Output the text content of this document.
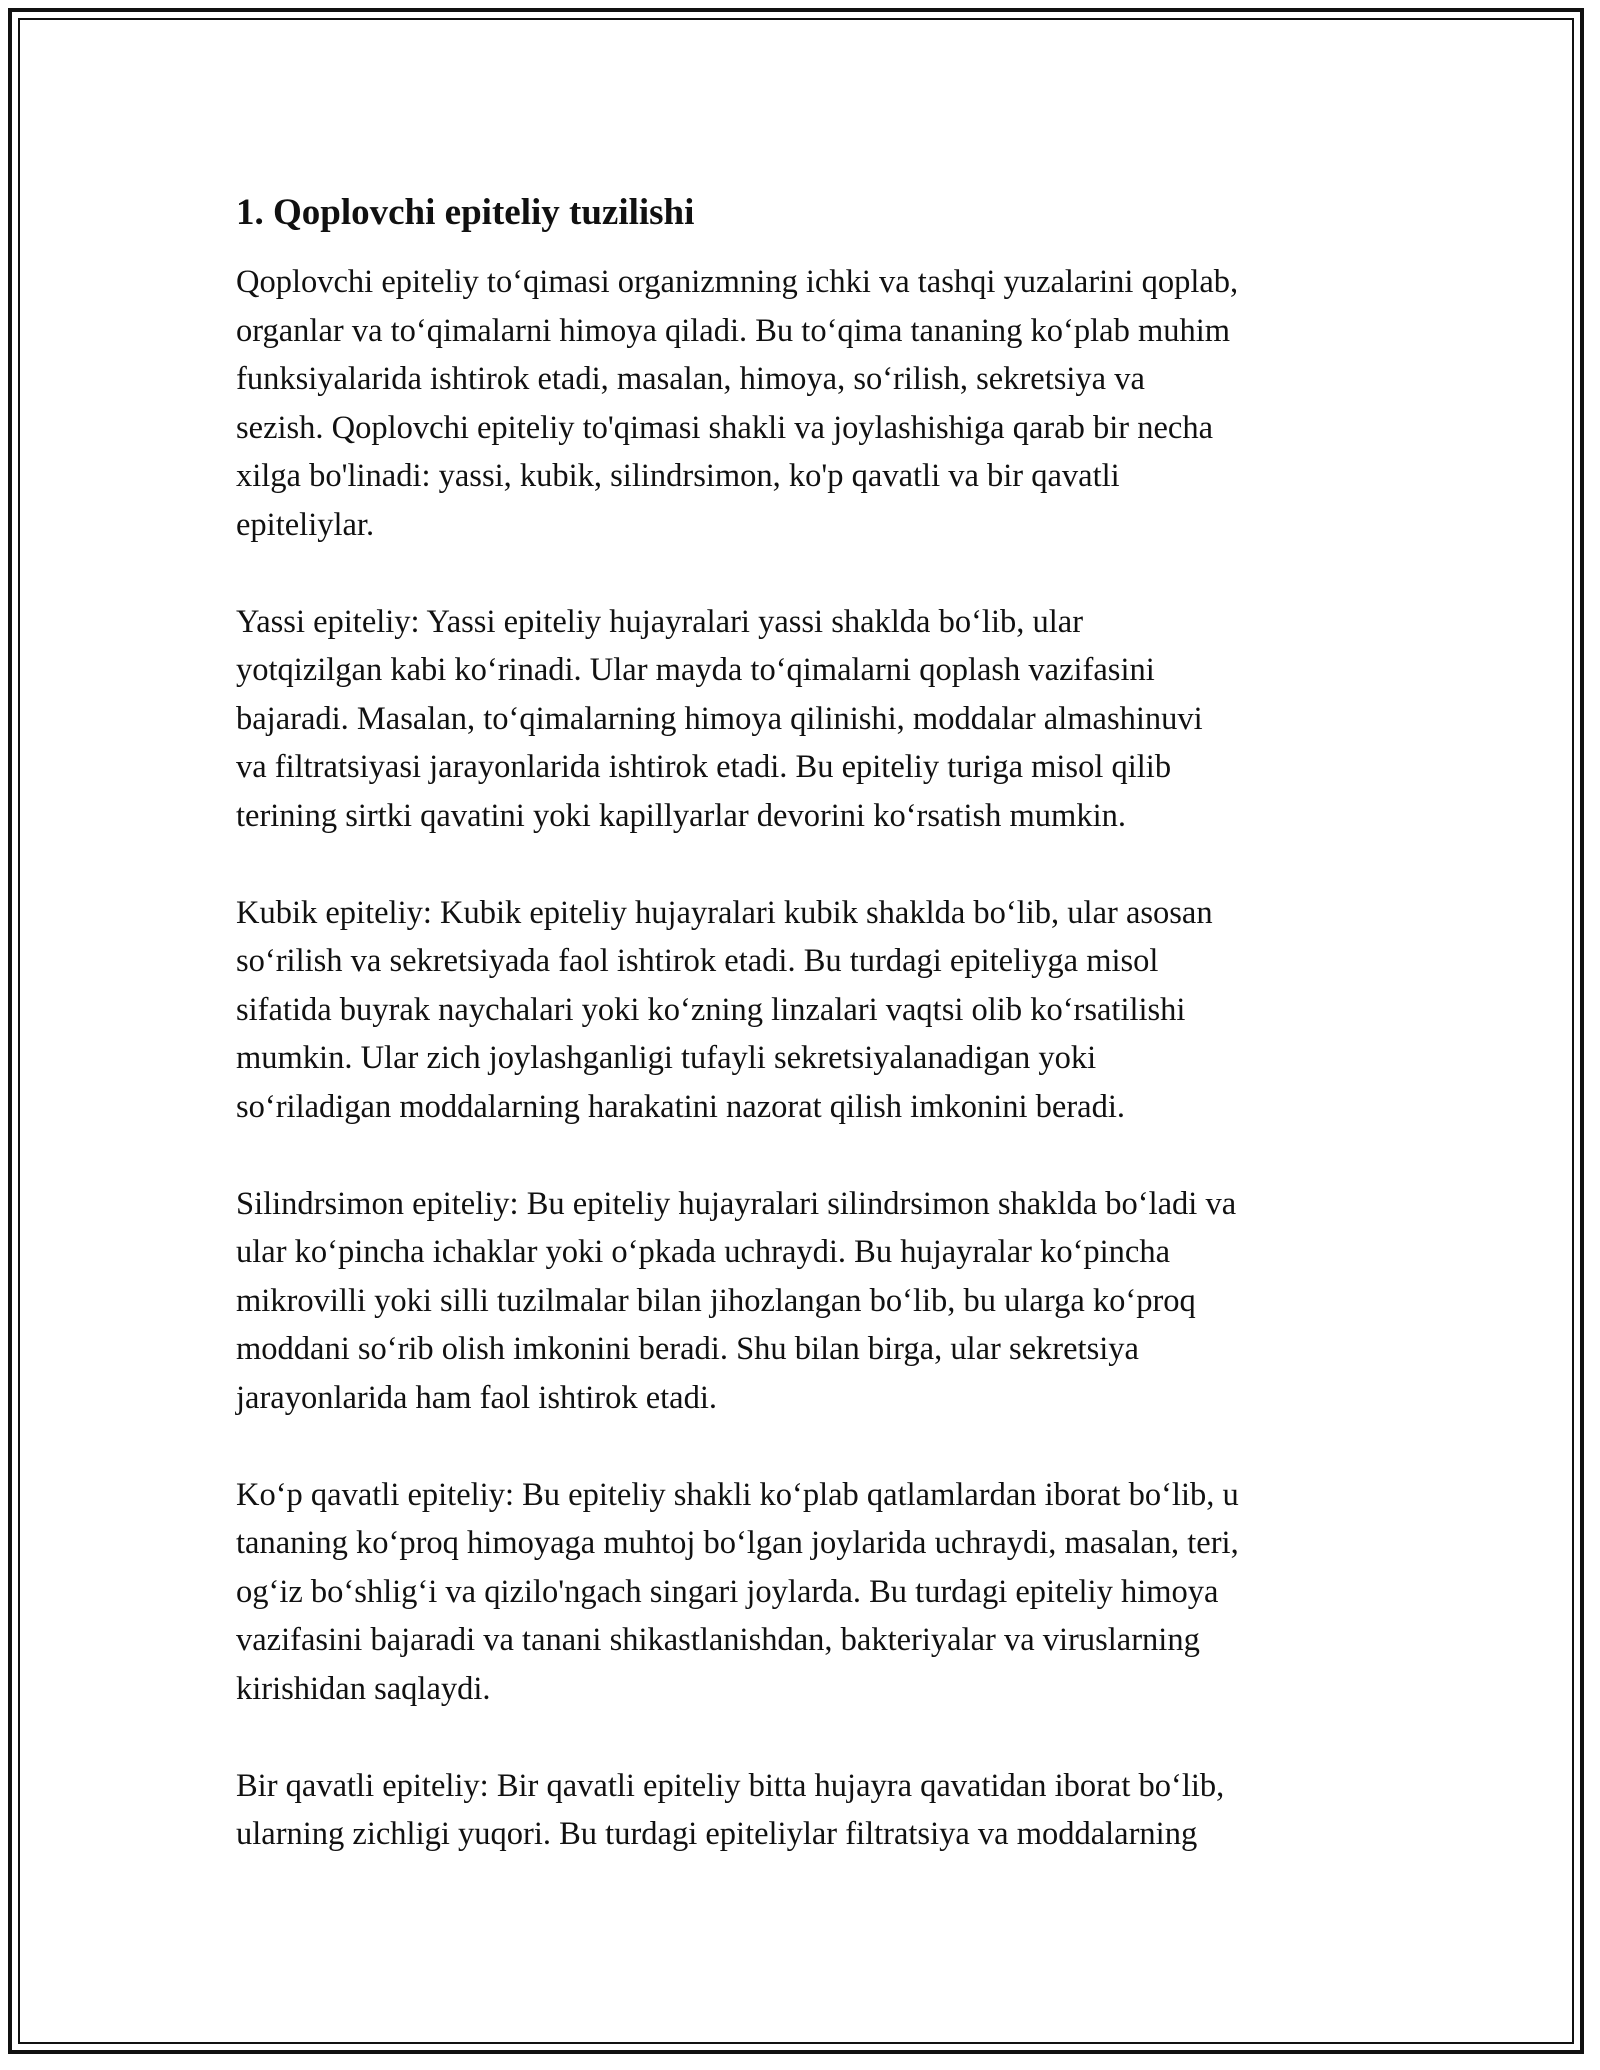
1. Qoplovchi epiteliy tuzilishi

Qoplovchi epiteliy to‘qimasi organizmning ichki va tashqi yuzalarini qoplab,
organlar va to‘qimalarni himoya qiladi. Bu to‘qima tananing ko‘plab muhim
funksiyalarida ishtirok etadi, masalan, himoya, so‘rilish, sekretsiya va
sezish. Qoplovchi epiteliy to'qimasi shakli va joylashishiga qarab bir necha
xilga bo'linadi: yassi, kubik, silindrsimon, ko'p qavatli va bir qavatli
epiteliylar.

Yassi epiteliy: Yassi epiteliy hujayralari yassi shaklda bo‘lib, ular
yotqizilgan kabi ko‘rinadi. Ular mayda to‘qimalarni qoplash vazifasini
bajaradi. Masalan, to‘qimalarning himoya qilinishi, moddalar almashinuvi
va filtratsiyasi jarayonlarida ishtirok etadi. Bu epiteliy turiga misol qilib
terining sirtki qavatini yoki kapillyarlar devorini ko‘rsatish mumkin.

Kubik epiteliy: Kubik epiteliy hujayralari kubik shaklda bo‘lib, ular asosan
so‘rilish va sekretsiyada faol ishtirok etadi. Bu turdagi epiteliyga misol
sifatida buyrak naychalari yoki ko‘zning linzalari vaqtsi olib ko‘rsatilishi
mumkin. Ular zich joylashganligi tufayli sekretsiyalanadigan yoki
so‘riladigan moddalarning harakatini nazorat qilish imkonini beradi.

Silindrsimon epiteliy: Bu epiteliy hujayralari silindrsimon shaklda bo‘ladi va
ular ko‘pincha ichaklar yoki o‘pkada uchraydi. Bu hujayralar ko‘pincha
mikrovilli yoki silli tuzilmalar bilan jihozlangan bo‘lib, bu ularga ko‘proq
moddani so‘rib olish imkonini beradi. Shu bilan birga, ular sekretsiya
jarayonlarida ham faol ishtirok etadi.

Ko‘p qavatli epiteliy: Bu epiteliy shakli ko‘plab qatlamlardan iborat bo‘lib, u
tananing ko‘proq himoyaga muhtoj bo‘lgan joylarida uchraydi, masalan, teri,
og‘iz bo‘shlig‘i va qizilo'ngach singari joylarda. Bu turdagi epiteliy himoya
vazifasini bajaradi va tanani shikastlanishdan, bakteriyalar va viruslarning
kirishidan saqlaydi.

Bir qavatli epiteliy: Bir qavatli epiteliy bitta hujayra qavatidan iborat bo‘lib,
ularning zichligi yuqori. Bu turdagi epiteliylar filtratsiya va moddalarning
